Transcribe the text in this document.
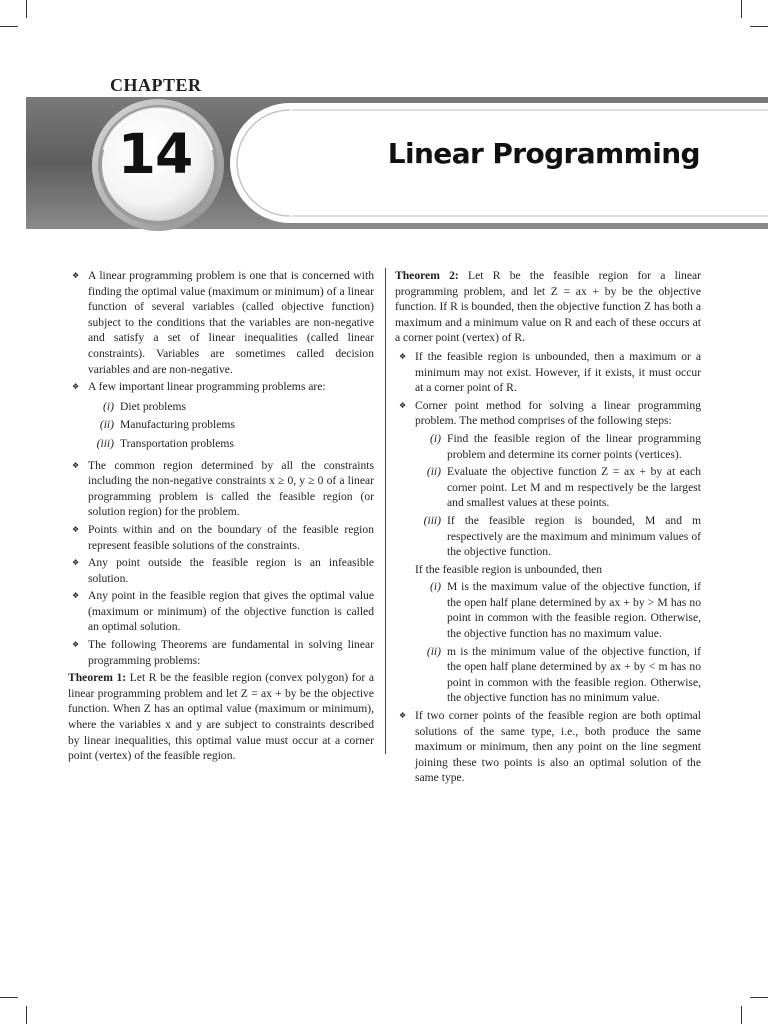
CHAPTER
14	Linear Programming

❖ A linear programming problem is one that is concerned with finding the optimal value (maximum or minimum) of a linear function of several variables (called objective function) subject to the conditions that the variables are non-negative and satisfy a set of linear inequalities (called linear constraints). Variables are sometimes called decision variables and are non-negative.

❖ A few important linear programming problems are:

(i) Diet problems
(ii) Manufacturing problems
(iii) Transportation problems

❖ The common region determined by all the constraints including the non-negative constraints x ≥ 0, y ≥ 0 of a linear programming problem is called the feasible region (or solution region) for the problem.

❖ Points within and on the boundary of the feasible region represent feasible solutions of the constraints.

❖ Any point outside the feasible region is an infeasible solution.

❖ Any point in the feasible region that gives the optimal value (maximum or minimum) of the objective function is called an optimal solution.

❖ The following Theorems are fundamental in solving linear programming problems:

Theorem 1: Let R be the feasible region (convex polygon) for a linear programming problem and let Z = ax + by be the objective function. When Z has an optimal value (maximum or minimum), where the variables x and y are subject to constraints described by linear inequalities, this optimal value must occur at a corner point (vertex) of the feasible region.

Theorem 2: Let R be the feasible region for a linear programming problem, and let Z = ax + by be the objective function. If R is bounded, then the objective function Z has both a maximum and a minimum value on R and each of these occurs at a corner point (vertex) of R.

❖ If the feasible region is unbounded, then a maximum or a minimum may not exist. However, if it exists, it must occur at a corner point of R.

❖ Corner point method for solving a linear programming problem. The method comprises of the following steps:

(i) Find the feasible region of the linear programming problem and determine its corner points (vertices).
(ii) Evaluate the objective function Z = ax + by at each corner point. Let M and m respectively be the largest and smallest values at these points.
(iii) If the feasible region is bounded, M and m respectively are the maximum and minimum values of the objective function.

If the feasible region is unbounded, then

(i) M is the maximum value of the objective function, if the open half plane determined by ax + by > M has no point in common with the feasible region. Otherwise, the objective function has no maximum value.
(ii) m is the minimum value of the objective function, if the open half plane determined by ax + by < m has no point in common with the feasible region. Otherwise, the objective function has no minimum value.

❖ If two corner points of the feasible region are both optimal solutions of the same type, i.e., both produce the same maximum or minimum, then any point on the line segment joining these two points is also an optimal solution of the same type.
